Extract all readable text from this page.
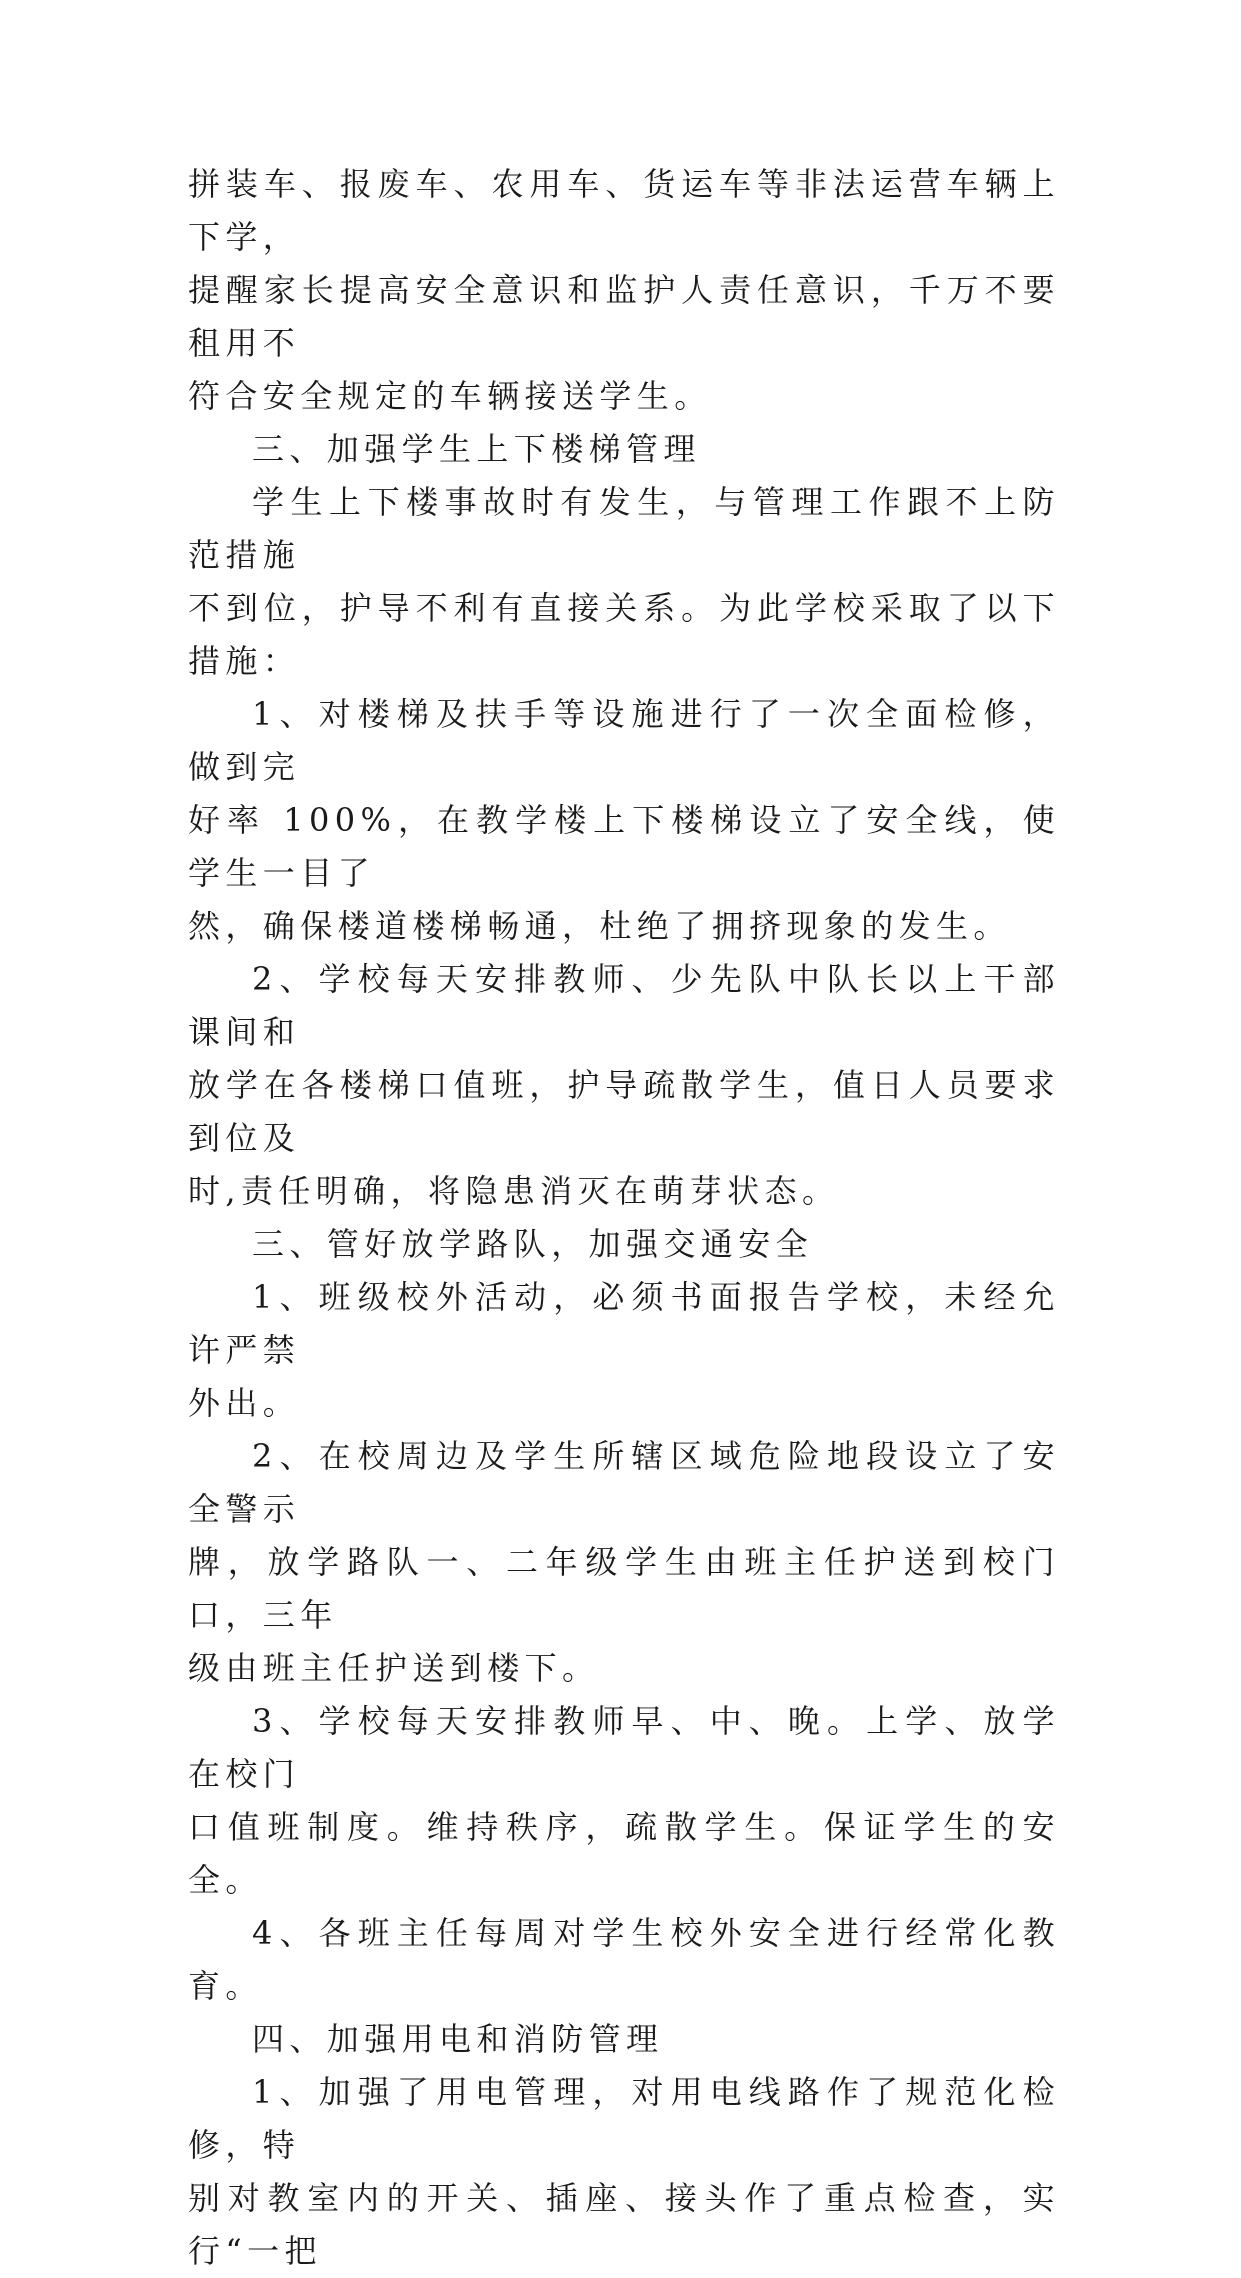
拼装车、报废车、农用车、货运车等非法运营车辆上下学，

提醒家长提高安全意识和监护人责任意识，千万不要租用不

符合安全规定的车辆接送学生。

三、加强学生上下楼梯管理

学生上下楼事故时有发生，与管理工作跟不上防范措施

不到位，护导不利有直接关系。为此学校采取了以下措施：

1、对楼梯及扶手等设施进行了一次全面检修，做到完

好率 100%，在教学楼上下楼梯设立了安全线，使学生一目了

然，确保楼道楼梯畅通，杜绝了拥挤现象的发生。

2、学校每天安排教师、少先队中队长以上干部课间和

放学在各楼梯口值班，护导疏散学生，值日人员要求到位及

时,责任明确，将隐患消灭在萌芽状态。

三、管好放学路队，加强交通安全

1、班级校外活动，必须书面报告学校，未经允许严禁

外出。

2、在校周边及学生所辖区域危险地段设立了安全警示

牌，放学路队一、二年级学生由班主任护送到校门口，三年

级由班主任护送到楼下。

3、学校每天安排教师早、中、晚。上学、放学在校门

口值班制度。维持秩序，疏散学生。保证学生的安全。

4、各班主任每周对学生校外安全进行经常化教育。

四、加强用电和消防管理

1、加强了用电管理，对用电线路作了规范化检修，特

别对教室内的开关、插座、接头作了重点检查，实行“一把
